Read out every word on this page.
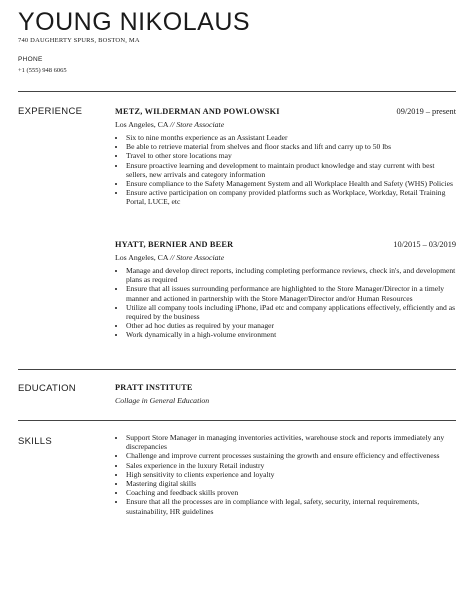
YOUNG NIKOLAUS
740 DAUGHERTY SPURS, BOSTON, MA
PHONE
+1 (555) 948 6065
EXPERIENCE	METZ, WILDERMAN AND POWLOWSKI	09/2019 – present
Los Angeles, CA // Store Associate
• Six to nine months experience as an Assistant Leader
• Be able to retrieve material from shelves and floor stacks and lift and carry up to 50 lbs
• Travel to other store locations may
• Ensure proactive learning and development to maintain product knowledge and stay current with best sellers, new arrivals and category information
• Ensure compliance to the Safety Management System and all Workplace Health and Safety (WHS) Policies
• Ensure active participation on company provided platforms such as Workplace, Workday, Retail Training Portal, LUCE, etc
HYATT, BERNIER AND BEER	10/2015 – 03/2019
Los Angeles, CA // Store Associate
• Manage and develop direct reports, including completing performance reviews, check in's, and development plans as required
• Ensure that all issues surrounding performance are highlighted to the Store Manager/Director in a timely manner and actioned in partnership with the Store Manager/Director and/or Human Resources
• Utilize all company tools including iPhone, iPad etc and company applications effectively, efficiently and as required by the business
• Other ad hoc duties as required by your manager
• Work dynamically in a high-volume environment
EDUCATION	PRATT INSTITUTE
Collage in General Education
SKILLS
•	Support Store Manager in managing inventories activities, warehouse stock and reports immediately any discrepancies
• Challenge and improve current processes sustaining the growth and ensure efficiency and effectiveness
• Sales experience in the luxury Retail industry
• High sensitivity to clients experience and loyalty
• Mastering digital skills
• Coaching and feedback skills proven
• Ensure that all the processes are in compliance with legal, safety, security, internal requirements, sustainability, HR guidelines
